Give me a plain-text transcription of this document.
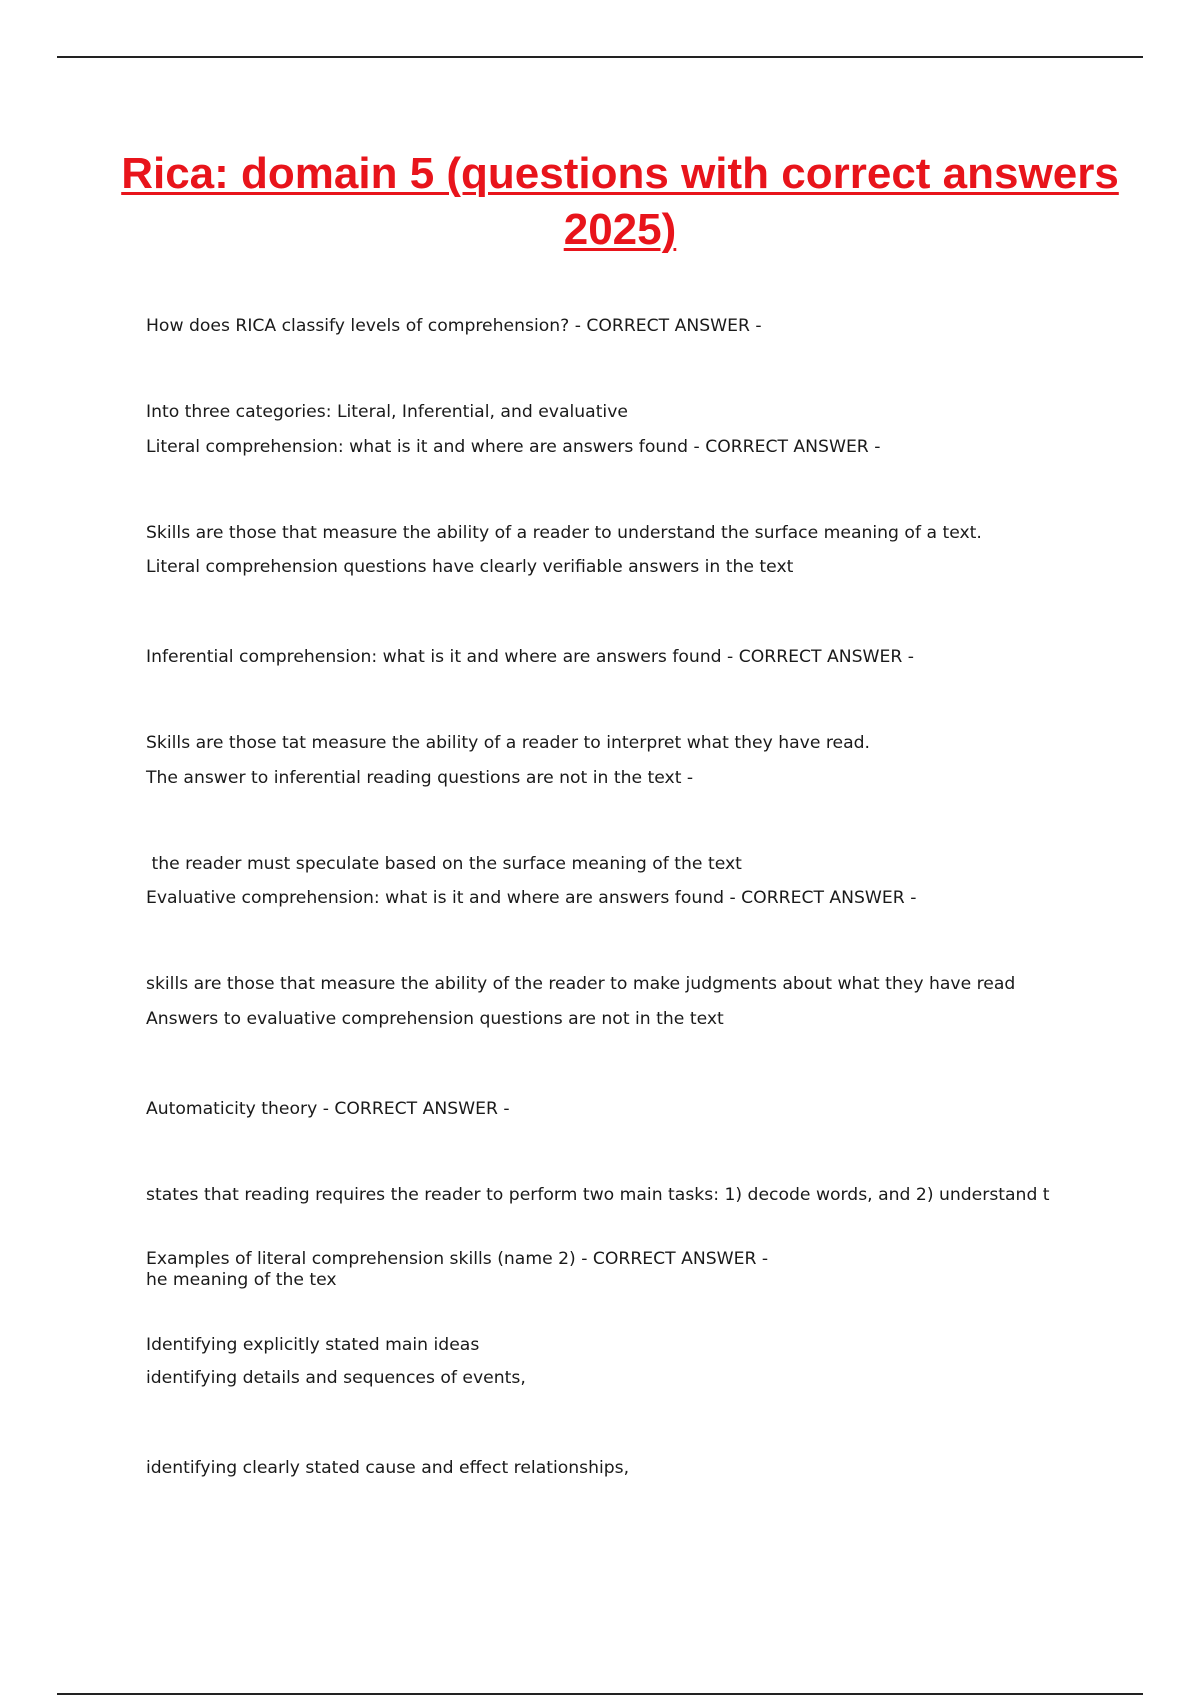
Rica: domain 5 (questions with correct answers 2025)

How does RICA classify levels of comprehension? - CORRECT ANSWER -

Into three categories: Literal, Inferential, and evaluative

Literal comprehension: what is it and where are answers found - CORRECT ANSWER -

Skills are those that measure the ability of a reader to understand the surface meaning of a text.

Literal comprehension questions have clearly verifiable answers in the text

Inferential comprehension: what is it and where are answers found - CORRECT ANSWER -

Skills are those tat measure the ability of a reader to interpret what they have read.

The answer to inferential reading questions are not in the text -

the reader must speculate based on the surface meaning of the text

Evaluative comprehension: what is it and where are answers found - CORRECT ANSWER -

skills are those that measure the ability of the reader to make judgments about what they have read

Answers to evaluative comprehension questions are not in the text

Automaticity theory - CORRECT ANSWER -

states that reading requires the reader to perform two main tasks: 1) decode words, and 2) understand t

he meaning of the tex

Examples of literal comprehension skills (name 2) - CORRECT ANSWER -

Identifying explicitly stated main ideas

identifying details and sequences of events,

identifying clearly stated cause and effect relationships,
